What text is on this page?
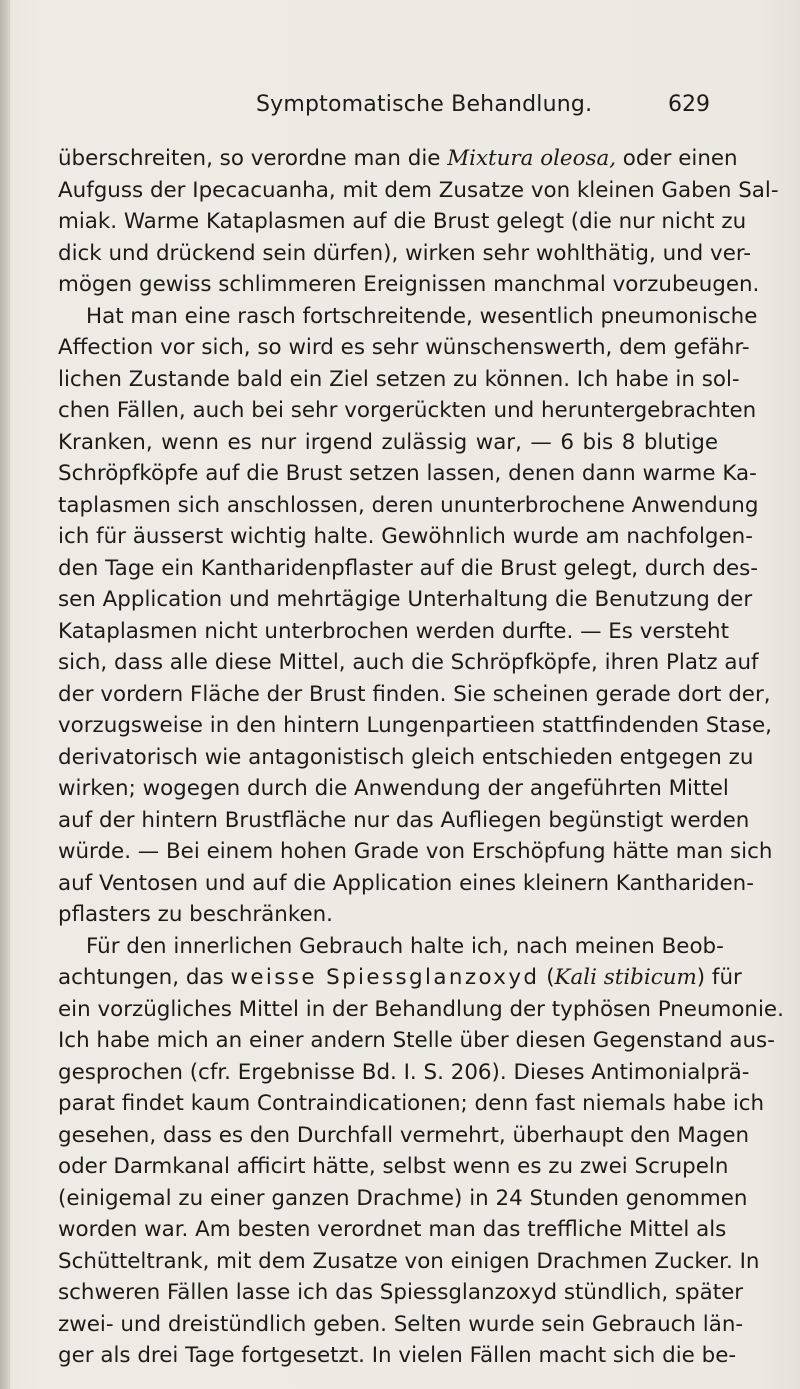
Symptomatische Behandlung.	629
überschreiten, so verordne man die Mixtura oleosa, oder einen
Aufguss der Ipecacuanha, mit dem Zusatze von kleinen Gaben Sal-
miak. Warme Kataplasmen auf die Brust gelegt (die nur nicht zu
dick und drückend sein dürfen), wirken sehr wohlthätig, und ver-
mögen gewiss schlimmeren Ereignissen manchmal vorzubeugen.
Hat man eine rasch fortschreitende, wesentlich pneumonische
Affection vor sich, so wird es sehr wünschenswerth, dem gefähr-
lichen Zustande bald ein Ziel setzen zu können. Ich habe in sol-
chen Fällen, auch bei sehr vorgerückten und heruntergebrachten
Kranken, wenn es nur irgend zulässig war, — 6 bis 8 blutige
Schröpfköpfe auf die Brust setzen lassen, denen dann warme Ka-
taplasmen sich anschlossen, deren ununterbrochene Anwendung
ich für äusserst wichtig halte. Gewöhnlich wurde am nachfolgen-
den Tage ein Kantharidenpflaster auf die Brust gelegt, durch des-
sen Application und mehrtägige Unterhaltung die Benutzung der
Kataplasmen nicht unterbrochen werden durfte. — Es versteht
sich, dass alle diese Mittel, auch die Schröpfköpfe, ihren Platz auf
der vordern Fläche der Brust finden. Sie scheinen gerade dort der,
vorzugsweise in den hintern Lungenpartieen stattfindenden Stase,
derivatorisch wie antagonistisch gleich entschieden entgegen zu
wirken; wogegen durch die Anwendung der angeführten Mittel
auf der hintern Brustfläche nur das Aufliegen begünstigt werden
würde. — Bei einem hohen Grade von Erschöpfung hätte man sich
auf Ventosen und auf die Application eines kleinern Kanthariden-
pflasters zu beschränken.
Für den innerlichen Gebrauch halte ich, nach meinen Beob-
achtungen, das weisse Spiessglanzoxyd (Kali stibicum) für
ein vorzügliches Mittel in der Behandlung der typhösen Pneumonie.
Ich habe mich an einer andern Stelle über diesen Gegenstand aus-
gesprochen (cfr. Ergebnisse Bd. I. S. 206). Dieses Antimonialprä-
parat findet kaum Contraindicationen; denn fast niemals habe ich
gesehen, dass es den Durchfall vermehrt, überhaupt den Magen
oder Darmkanal afficirt hätte, selbst wenn es zu zwei Scrupeln
(einigemal zu einer ganzen Drachme) in 24 Stunden genommen
worden war. Am besten verordnet man das treffliche Mittel als
Schütteltrank, mit dem Zusatze von einigen Drachmen Zucker. In
schweren Fällen lasse ich das Spiessglanzoxyd stündlich, später
zwei- und dreistündlich geben. Selten wurde sein Gebrauch län-
ger als drei Tage fortgesetzt. In vielen Fällen macht sich die be-
